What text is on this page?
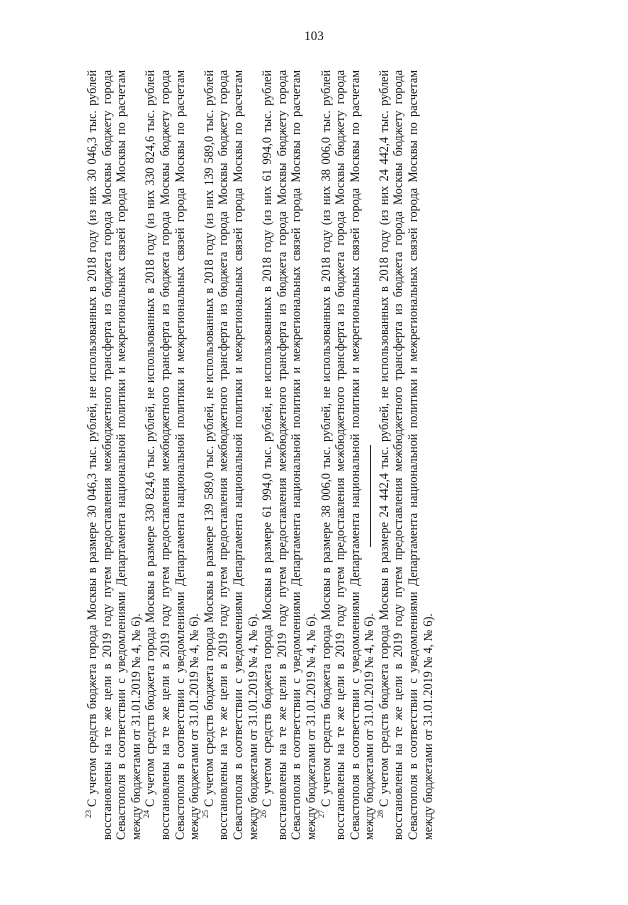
103

$^{23}$С учетом средств бюджета города Москвы в размере 30 046,3 тыс. рублей, не использованных в 2018 году (из них 30 046,3 тыс. рублей восстановлены на те же цели в 2019 году путем предоставления межбюджетного трансферта из бюджета города Москвы бюджету города Севастополя в соответствии с уведомлениями Департамента национальной политики и межрегиональных связей города Москвы по расчетам между бюджетами от 31.01.2019 № 4, № 6). $^{24}$С учетом средств бюджета города Москвы в размере 330 824,6 тыс. рублей, не использованных в 2018 году (из них 330 824,6 тыс. рублей восстановлены на те же цели в 2019 году путем предоставления межбюджетного трансферта из бюджета города Москвы бюджету города Севастополя в соответствии с уведомлениями Департамента национальной политики и межрегиональных связей города Москвы по расчетам между бюджетами от 31.01.2019 № 4, № 6). $^{25}$С учетом средств бюджета города Москвы в размере 139 589,0 тыс. рублей, не использованных в 2018 году (из них 139 589,0 тыс. рублей восстановлены на те же цели в 2019 году путем предоставления межбюджетного трансферта из бюджета города Москвы бюджету города Севастополя в соответствии с уведомлениями Департамента национальной политики и межрегиональных связей города Москвы по расчетам между бюджетами от 31.01.2019 № 4, № 6). $^{26}$С учетом средств бюджета города Москвы в размере 61 994,0 тыс. рублей, не использованных в 2018 году (из них 61 994,0 тыс. рублей восстановлены на те же цели в 2019 году путем предоставления межбюджетного трансферта из бюджета города Москвы бюджету города Севастополя в соответствии с уведомлениями Департамента национальной политики и межрегиональных связей города Москвы по расчетам между бюджетами от 31.01.2019 № 4, № 6). $^{27}$С учетом средств бюджета города Москвы в размере 38 006,0 тыс. рублей, не использованных в 2018 году (из них 38 006,0 тыс. рублей восстановлены на те же цели в 2019 году путем предоставления межбюджетного трансферта из бюджета города Москвы бюджету города Севастополя в соответствии с уведомлениями Департамента национальной политики и межрегиональных связей города Москвы по расчетам между бюджетами от 31.01.2019 № 4, № 6). $^{28}$С учетом средств бюджета города Москвы в размере 24 442,4 тыс. рублей, не использованных в 2018 году (из них 24 442,4 тыс. рублей восстановлены на те же цели в 2019 году путем предоставления межбюджетного трансферта из бюджета города Москвы бюджету города Севастополя в соответствии с уведомлениями Департамента национальной политики и межрегиональных связей города Москвы по расчетам между бюджетами от 31.01.2019 № 4, № 6).
